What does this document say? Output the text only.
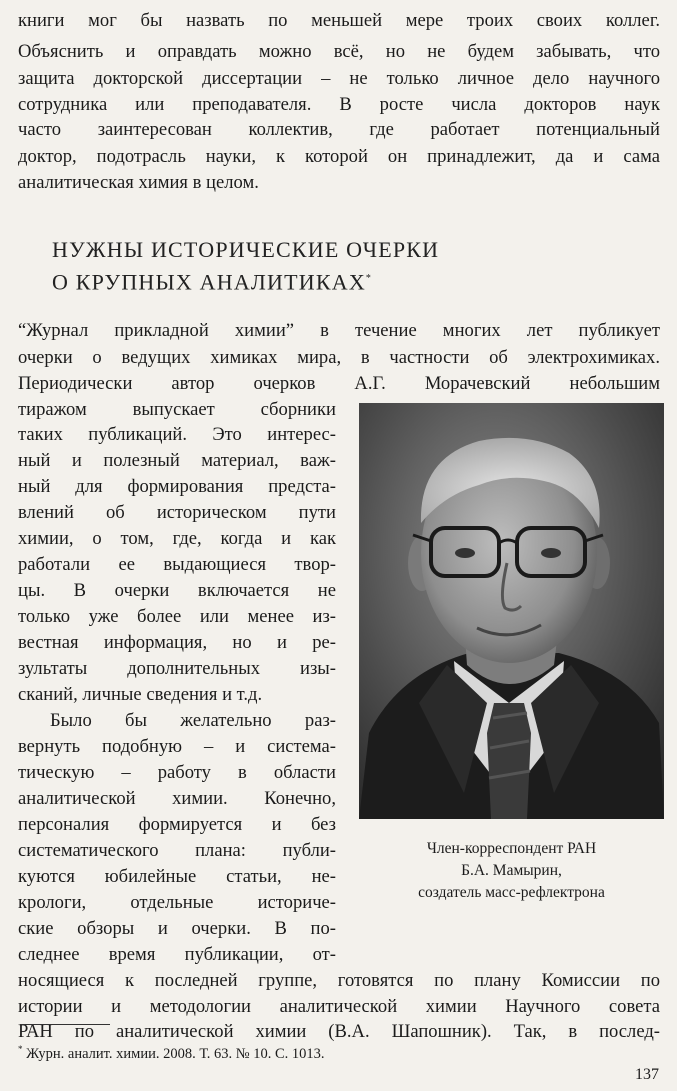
книги мог бы назвать по меньшей мере троих своих коллег.
Объяснить и оправдать можно всё, но не будем забывать, что
защита докторской диссертации – не только личное дело научного
сотрудника или преподавателя. В росте числа докторов наук
часто заинтересован коллектив, где работает потенциальный
доктор, подотрасль науки, к которой он принадлежит, да и сама
аналитическая химия в целом.
НУЖНЫ ИСТОРИЧЕСКИЕ ОЧЕРКИ
О КРУПНЫХ АНАЛИТИКАХ*
“Журнал прикладной химии” в течение многих лет публикует
очерки о ведущих химиках мира, в частности об электрохимиках.
Периодически автор очерков А.Г. Морачевский небольшим
тиражом выпускает сборники
таких публикаций. Это интерес-
ный и полезный материал, важ-
ный для формирования предста-
влений об историческом пути
химии, о том, где, когда и как
работали ее выдающиеся твор-
цы. В очерки включается не
только уже более или менее из-
вестная информация, но и ре-
зультаты дополнительных изы-
сканий, личные сведения и т.д.
Было бы желательно раз-
вернуть подобную – и система-
тическую – работу в области
аналитической химии. Конечно,
персоналия формируется и без
систематического плана: публи-
куются юбилейные статьи, не-
крологи, отдельные историче-
ские обзоры и очерки. В по-
следнее время публикации, от-
носящиеся к последней группе, готовятся по плану Комиссии по
истории и методологии аналитической химии Научного совета
РАН по аналитической химии (В.А. Шапошник). Так, в послед-
Член-корреспондент РАН
Б.А. Мамырин,
создатель масс-рефлектрона
* Журн. аналит. химии. 2008. Т. 63. № 10. С. 1013.
137
